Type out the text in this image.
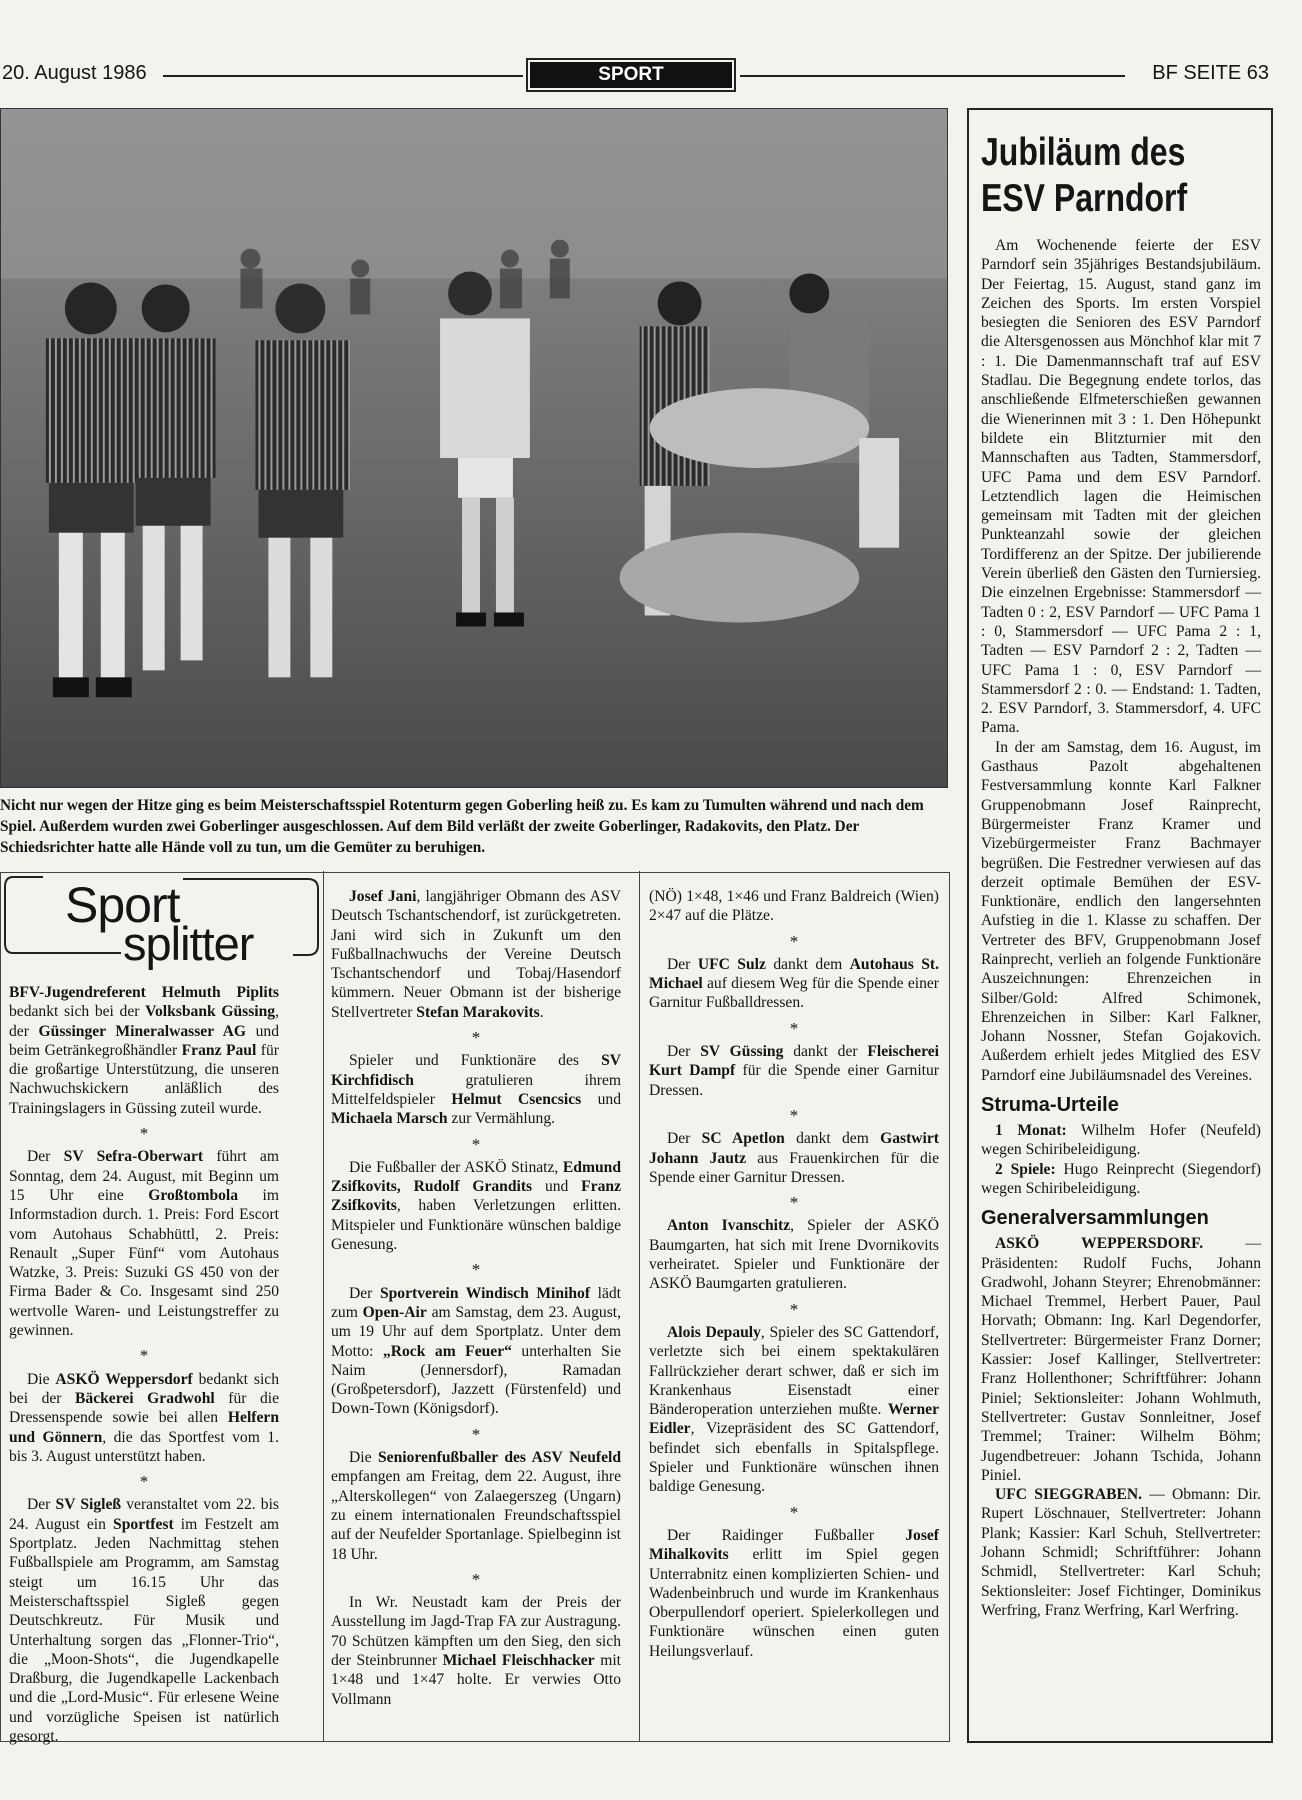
20. August 1986	SPORT	BF SEITE 63
Nicht nur wegen der Hitze ging es beim Meisterschaftsspiel Rotenturm gegen Goberling heiß zu. Es kam zu Tumulten während und nach dem Spiel. Außerdem wurden zwei Goberlinger ausgeschlossen. Auf dem Bild verläßt der zweite Goberlinger, Radakovits, den Platz. Der Schiedsrichter hatte alle Hände voll zu tun, um die Gemüter zu beruhigen.
Sport
splitter

BFV-Jugendreferent Helmuth Piplits bedankt sich bei der Volksbank Güssing, der Güssinger Mineralwasser AG und beim Getränkegroßhändler Franz Paul für die großartige Unterstützung, die unseren Nachwuchskickern anläßlich des Trainingslagers in Güssing zuteil wurde.

*

Der SV Sefra-Oberwart führt am Sonntag, dem 24. August, mit Beginn um 15 Uhr eine Großtombola im Informstadion durch. 1. Preis: Ford Escort vom Autohaus Schabhüttl, 2. Preis: Renault „Super Fünf“ vom Autohaus Watzke, 3. Preis: Suzuki GS 450 von der Firma Bader & Co. Insgesamt sind 250 wertvolle Waren- und Leistungstreffer zu gewinnen.

*

Die ASKÖ Weppersdorf bedankt sich bei der Bäckerei Gradwohl für die Dressenspende sowie bei allen Helfern und Gönnern, die das Sportfest vom 1. bis 3. August unterstützt haben.

*

Der SV Sigleß veranstaltet vom 22. bis 24. August ein Sportfest im Festzelt am Sportplatz. Jeden Nachmittag stehen Fußballspiele am Programm, am Samstag steigt um 16.15 Uhr das Meisterschaftsspiel Sigleß gegen Deutschkreutz. Für Musik und Unterhaltung sorgen das „Flonner-Trio“, die „Moon-Shots“, die Jugendkapelle Draßburg, die Jugendkapelle Lackenbach und die „Lord-Music“. Für erlesene Weine und vorzügliche Speisen ist natürlich gesorgt.

Josef Jani, langjähriger Obmann des ASV Deutsch Tschantschendorf, ist zurückgetreten. Jani wird sich in Zukunft um den Fußballnachwuchs der Vereine Deutsch Tschantschendorf und Tobaj/Hasendorf kümmern. Neuer Obmann ist der bisherige Stellvertreter Stefan Marakovits.

*

Spieler und Funktionäre des SV Kirchfidisch gratulieren ihrem Mittelfeldspieler Helmut Csencsics und Michaela Marsch zur Vermählung.

*

Die Fußballer der ASKÖ Stinatz, Edmund Zsifkovits, Rudolf Grandits und Franz Zsifkovits, haben Verletzungen erlitten. Mitspieler und Funktionäre wünschen baldige Genesung.

*

Der Sportverein Windisch Minihof lädt zum Open-Air am Samstag, dem 23. August, um 19 Uhr auf dem Sportplatz. Unter dem Motto: „Rock am Feuer“ unterhalten Sie Naim (Jennersdorf), Ramadan (Großpetersdorf), Jazzett (Fürstenfeld) und Down-Town (Königsdorf).

*

Die Seniorenfußballer des ASV Neufeld empfangen am Freitag, dem 22. August, ihre „Alterskollegen“ von Zalaegerszeg (Ungarn) zu einem internationalen Freundschaftsspiel auf der Neufelder Sportanlage. Spielbeginn ist 18 Uhr.

*

In Wr. Neustadt kam der Preis der Ausstellung im Jagd-Trap FA zur Austragung. 70 Schützen kämpften um den Sieg, den sich der Steinbrunner Michael Fleischhacker mit 1×48 und 1×47 holte. Er verwies Otto Vollmann

(NÖ) 1×48, 1×46 und Franz Baldreich (Wien) 2×47 auf die Plätze.

*

Der UFC Sulz dankt dem Autohaus St. Michael auf diesem Weg für die Spende einer Garnitur Fußballdressen.

*

Der SV Güssing dankt der Fleischerei Kurt Dampf für die Spende einer Garnitur Dressen.

*

Der SC Apetlon dankt dem Gastwirt Johann Jautz aus Frauenkirchen für die Spende einer Garnitur Dressen.

*

Anton Ivanschitz, Spieler der ASKÖ Baumgarten, hat sich mit Irene Dvornikovits verheiratet. Spieler und Funktionäre der ASKÖ Baumgarten gratulieren.

*

Alois Depauly, Spieler des SC Gattendorf, verletzte sich bei einem spektakulären Fallrückzieher derart schwer, daß er sich im Krankenhaus Eisenstadt einer Bänderoperation unterziehen mußte. Werner Eidler, Vizepräsident des SC Gattendorf, befindet sich ebenfalls in Spitalspflege. Spieler und Funktionäre wünschen ihnen baldige Genesung.

*

Der Raidinger Fußballer Josef Mihalkovits erlitt im Spiel gegen Unterrabnitz einen komplizierten Schien- und Wadenbeinbruch und wurde im Krankenhaus Oberpullendorf operiert. Spielerkollegen und Funktionäre wünschen einen guten Heilungsverlauf.

Jubiläum des
ESV Parndorf

Am Wochenende feierte der ESV Parndorf sein 35jähriges Bestandsjubiläum. Der Feiertag, 15. August, stand ganz im Zeichen des Sports. Im ersten Vorspiel besiegten die Senioren des ESV Parndorf die Altersgenossen aus Mönchhof klar mit 7 : 1. Die Damenmannschaft traf auf ESV Stadlau. Die Begegnung endete torlos, das anschließende Elfmeterschießen gewannen die Wienerinnen mit 3 : 1. Den Höhepunkt bildete ein Blitzturnier mit den Mannschaften aus Tadten, Stammersdorf, UFC Pama und dem ESV Parndorf. Letztendlich lagen die Heimischen gemeinsam mit Tadten mit der gleichen Punkteanzahl sowie der gleichen Tordifferenz an der Spitze. Der jubilierende Verein überließ den Gästen den Turniersieg. Die einzelnen Ergebnisse: Stammersdorf — Tadten 0 : 2, ESV Parndorf — UFC Pama 1 : 0, Stammersdorf — UFC Pama 2 : 1, Tadten — ESV Parndorf 2 : 2, Tadten — UFC Pama 1 : 0, ESV Parndorf — Stammersdorf 2 : 0. — Endstand: 1. Tadten, 2. ESV Parndorf, 3. Stammersdorf, 4. UFC Pama.

In der am Samstag, dem 16. August, im Gasthaus Pazolt abgehaltenen Festversammlung konnte Karl Falkner Gruppenobmann Josef Rainprecht, Bürgermeister Franz Kramer und Vizebürgermeister Franz Bachmayer begrüßen. Die Festredner verwiesen auf das derzeit optimale Bemühen der ESV-Funktionäre, endlich den langersehnten Aufstieg in die 1. Klasse zu schaffen. Der Vertreter des BFV, Gruppenobmann Josef Rainprecht, verlieh an folgende Funktionäre Auszeichnungen: Ehrenzeichen in Silber/Gold: Alfred Schimonek, Ehrenzeichen in Silber: Karl Falkner, Johann Nossner, Stefan Gojakovich. Außerdem erhielt jedes Mitglied des ESV Parndorf eine Jubiläumsnadel des Vereines.

Struma-Urteile

1 Monat: Wilhelm Hofer (Neufeld) wegen Schiribeleidigung.

2 Spiele: Hugo Reinprecht (Siegendorf) wegen Schiribeleidigung.

Generalversammlungen

ASKÖ WEPPERSDORF. — Präsidenten: Rudolf Fuchs, Johann Gradwohl, Johann Steyrer; Ehrenobmänner: Michael Tremmel, Herbert Pauer, Paul Horvath; Obmann: Ing. Karl Degendorfer, Stellvertreter: Bürgermeister Franz Dorner; Kassier: Josef Kallinger, Stellvertreter: Franz Hollenthoner; Schriftführer: Johann Piniel; Sektionsleiter: Johann Wohlmuth, Stellvertreter: Gustav Sonnleitner, Josef Tremmel; Trainer: Wilhelm Böhm; Jugendbetreuer: Johann Tschida, Johann Piniel.

UFC SIEGGRABEN. — Obmann: Dir. Rupert Löschnauer, Stellvertreter: Johann Plank; Kassier: Karl Schuh, Stellvertreter: Johann Schmidl; Schriftführer: Johann Schmidl, Stellvertreter: Karl Schuh; Sektionsleiter: Josef Fichtinger, Dominikus Werfring, Franz Werfring, Karl Werfring.
